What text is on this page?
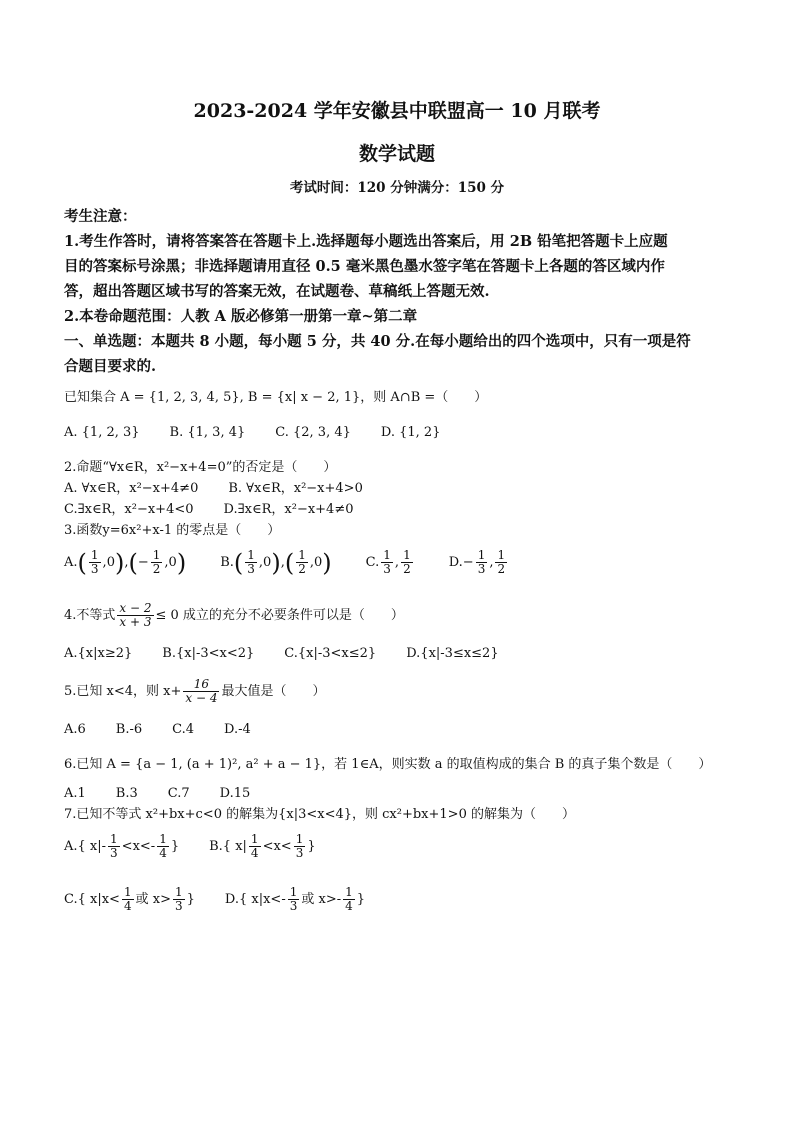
2023-2024 学年安徽县中联盟高一 10 月联考
数学试题
考试时间：120 分钟满分：150 分
考生注意：
1.考生作答时，请将答案答在答题卡上.选择题每小题选出答案后，用 2B 铅笔把答题卡上应题
目的答案标号涂黑；非选择题请用直径 0.5 毫米黑色墨水签字笔在答题卡上各题的答区域内作
答，超出答题区域书写的答案无效，在试题卷、草稿纸上答题无效.
2.本卷命题范围：人教 A 版必修第一册第一章~第二章
一、单选题：本题共 8 小题，每小题 5 分，共 40 分.在每小题给出的四个选项中，只有一项是符
合题目要求的.
已知集合 A = {1, 2, 3, 4, 5}, B = {x| x − 2, 1}，则 A∩B =（　　）
A. {1, 2, 3} B. {1, 3, 4} C. {2, 3, 4} D. {1, 2}
2.命题“∀x∈R，x²−x+4=0”的否定是（　　）
A. ∀x∈R，x²−x+4≠0 B. ∀x∈R，x²−x+4>0
C.∃x∈R，x²−x+4<0 D.∃x∈R，x²−x+4≠0
3.函数y=6x²+x-1 的零点是（　　）
A. ( $\frac{1}{3}$ , 0 ) , ( − $\frac{1}{2}$ , 0 )	B. ( $\frac{1}{3}$ , 0 ) , ( $\frac{1}{2}$ , 0 )	C. $\frac{1}{3}$ , $\frac{1}{2}$	D. − $\frac{1}{3}$ , $\frac{1}{2}$
4.不等式 $\frac{x - 2}{x + 3} \le 0$ 成立的充分不必要条件可以是（　　）
A.{x|x≥2} B.{x|-3<x<2} C.{x|-3<x≤2} D.{x|-3≤x≤2}
5.已知 x<4，则 $x+ \frac{16}{x - 4}$ 最大值是（　　）
A.6 B.-6 C.4 D.-4
6.已知 A = {a − 1, (a + 1)², a² + a − 1}，若 1∈A，则实数 a 的取值构成的集合 B 的真子集个数是（　　）
A.1 B.3 C.7 D.15
7.已知不等式 x²+bx+c<0 的解集为{x|3<x<4}，则 cx²+bx+1>0 的解集为（　　）
A.{ $x|- \frac{1}{3} <x<- \frac{1}{4}$ } B.{ $x| \frac{1}{4} <x< \frac{1}{3}$ }
C.{ $x|x< \frac{1}{4}$ 或 $x> \frac{1}{3}$ } D.{ $x|x<- \frac{1}{3}$ 或 $x>- \frac{1}{4}$ }
